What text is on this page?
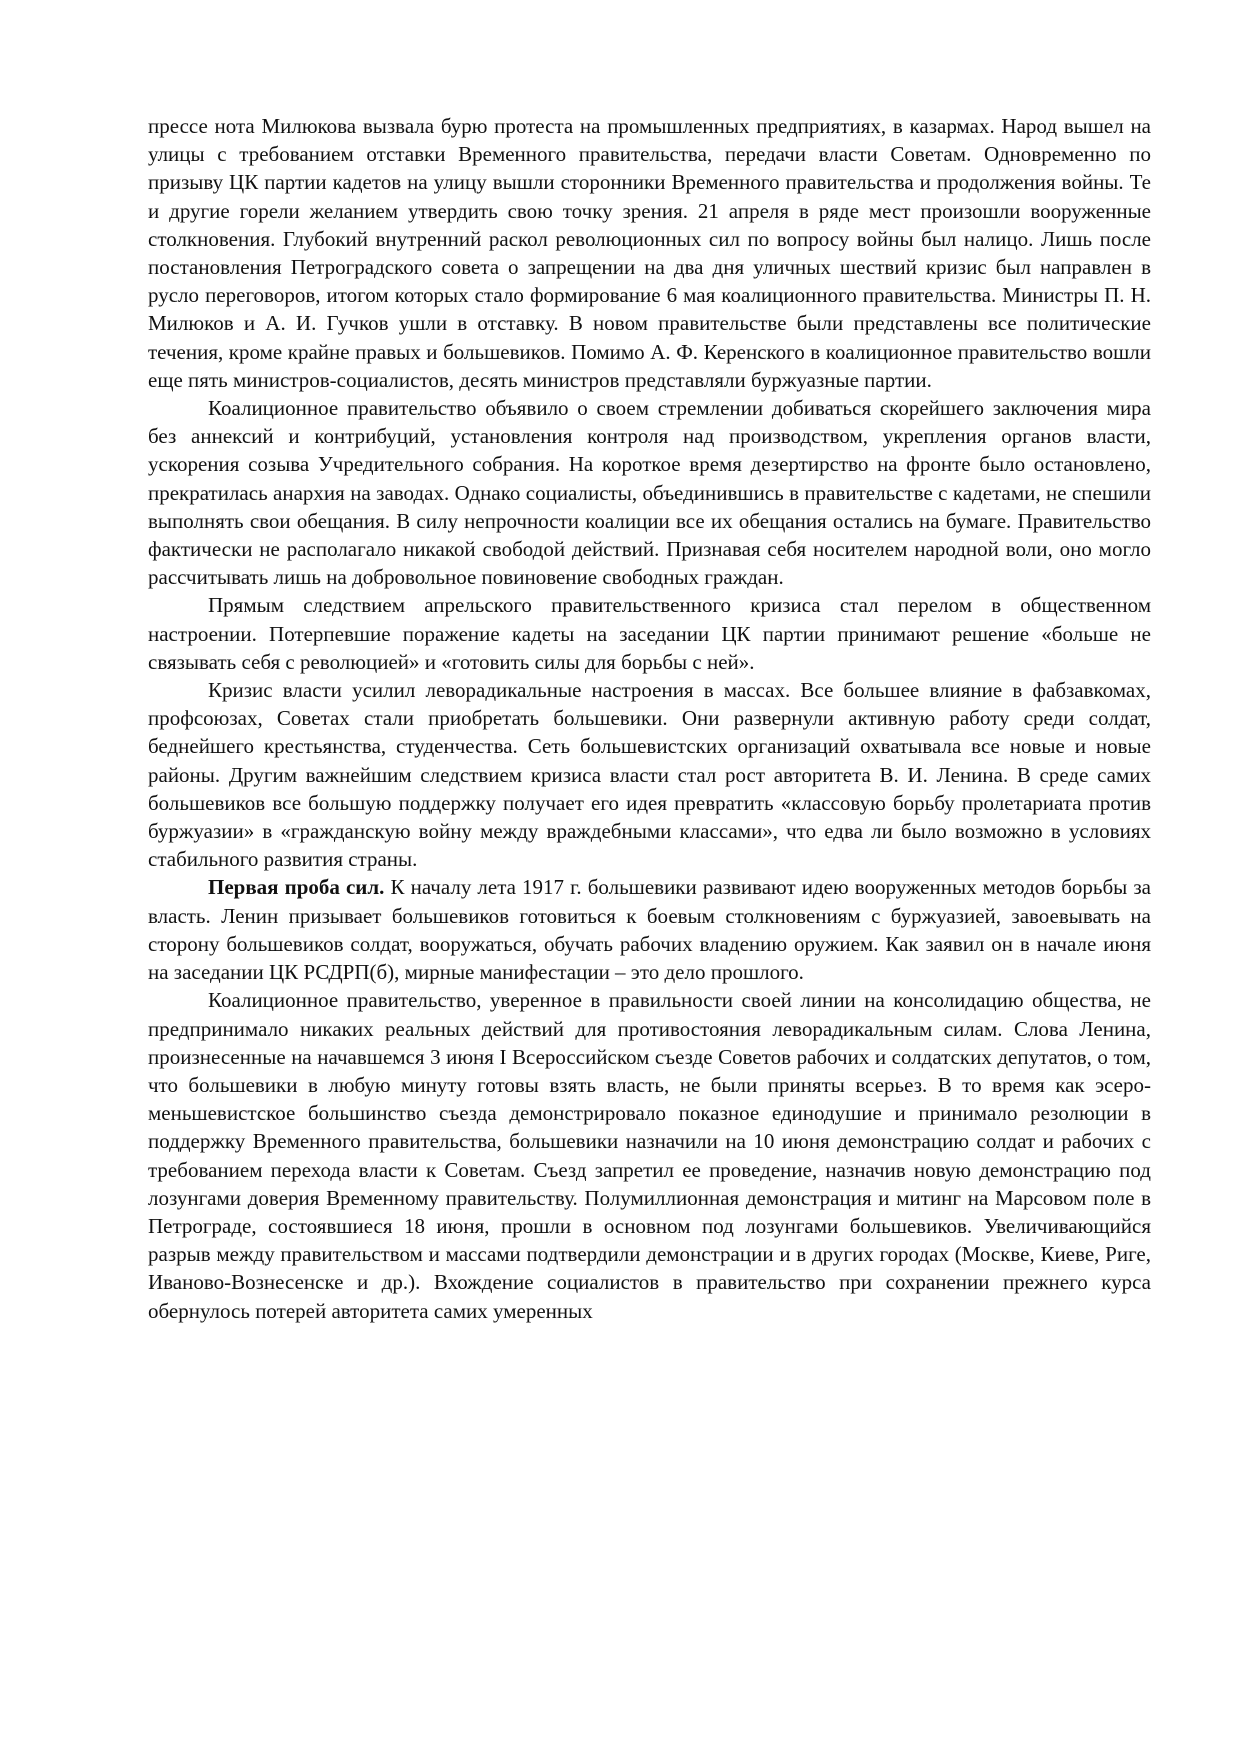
прессе нота Милюкова вызвала бурю протеста на промышленных предприятиях, в казармах. Народ вышел на улицы с требованием отставки Временного правительства, передачи власти Советам. Одновременно по призыву ЦК партии кадетов на улицу вышли сторонники Временного правительства и продолжения войны. Те и другие горели желанием утвердить свою точку зрения. 21 апреля в ряде мест произошли вооруженные столкновения. Глубокий внутренний раскол революционных сил по вопросу войны был налицо. Лишь после постановления Петроградского совета о запрещении на два дня уличных шествий кризис был направлен в русло переговоров, итогом которых стало формирование 6 мая коалиционного правительства. Министры П. Н. Милюков и А. И. Гучков ушли в отставку. В новом правительстве были представлены все политические течения, кроме крайне правых и большевиков. Помимо А. Ф. Керенского в коалиционное правительство вошли еще пять министров-социалистов, десять министров представляли буржуазные партии.

Коалиционное правительство объявило о своем стремлении добиваться скорейшего заключения мира без аннексий и контрибуций, установления контроля над производством, укрепления органов власти, ускорения созыва Учредительного собрания. На короткое время дезертирство на фронте было остановлено, прекратилась анархия на заводах. Однако социалисты, объединившись в правительстве с кадетами, не спешили выполнять свои обещания. В силу непрочности коалиции все их обещания остались на бумаге. Правительство фактически не располагало никакой свободой действий. Признавая себя носителем народной воли, оно могло рассчитывать лишь на добровольное повиновение свободных граждан.

Прямым следствием апрельского правительственного кризиса стал перелом в общественном настроении. Потерпевшие поражение кадеты на заседании ЦК партии принимают решение «больше не связывать себя с революцией» и «готовить силы для борьбы с ней».

Кризис власти усилил леворадикальные настроения в массах. Все большее влияние в фабзавкомах, профсоюзах, Советах стали приобретать большевики. Они развернули активную работу среди солдат, беднейшего крестьянства, студенчества. Сеть большевистских организаций охватывала все новые и новые районы. Другим важнейшим следствием кризиса власти стал рост авторитета В. И. Ленина. В среде самих большевиков все большую поддержку получает его идея превратить «классовую борьбу пролетариата против буржуазии» в «гражданскую войну между враждебными классами», что едва ли было возможно в условиях стабильного развития страны.

Первая проба сил. К началу лета 1917 г. большевики развивают идею вооруженных методов борьбы за власть. Ленин призывает большевиков готовиться к боевым столкновениям с буржуазией, завоевывать на сторону большевиков солдат, вооружаться, обучать рабочих владению оружием. Как заявил он в начале июня на заседании ЦК РСДРП(б), мирные манифестации – это дело прошлого.

Коалиционное правительство, уверенное в правильности своей линии на консолидацию общества, не предпринимало никаких реальных действий для противостояния леворадикальным силам. Слова Ленина, произнесенные на начавшемся 3 июня I Всероссийском съезде Советов рабочих и солдатских депутатов, о том, что большевики в любую минуту готовы взять власть, не были приняты всерьез. В то время как эсеро-меньшевистское большинство съезда демонстрировало показное единодушие и принимало резолюции в поддержку Временного правительства, большевики назначили на 10 июня демонстрацию солдат и рабочих с требованием перехода власти к Советам. Съезд запретил ее проведение, назначив новую демонстрацию под лозунгами доверия Временному правительству. Полумиллионная демонстрация и митинг на Марсовом поле в Петрограде, состоявшиеся 18 июня, прошли в основном под лозунгами большевиков. Увеличивающийся разрыв между правительством и массами подтвердили демонстрации и в других городах (Москве, Киеве, Риге, Иваново-Вознесенске и др.). Вхождение социалистов в правительство при сохранении прежнего курса обернулось потерей авторитета самих умеренных
